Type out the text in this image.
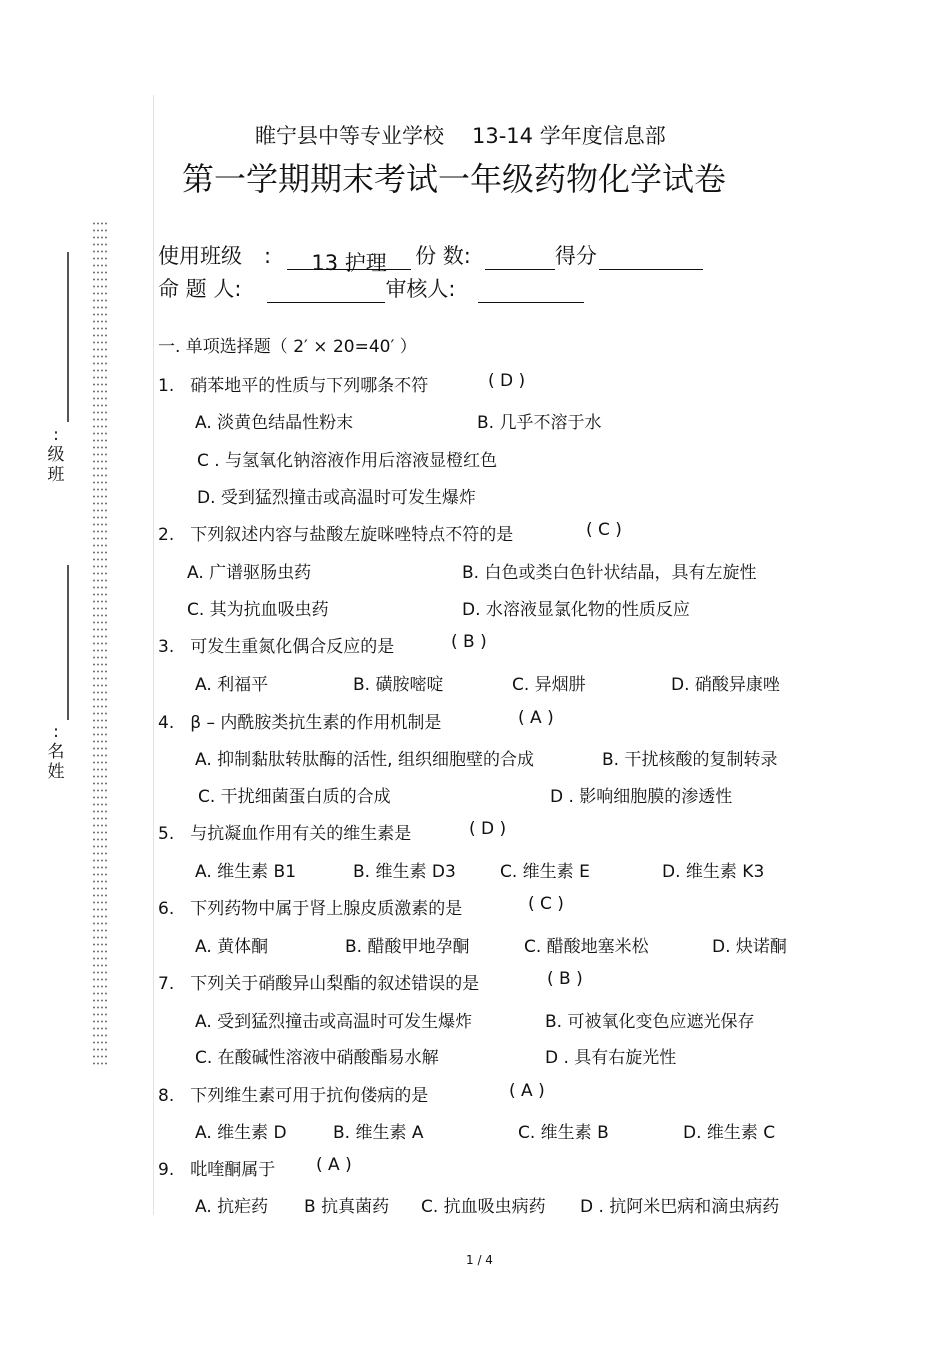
:
级
班
:
名
姓
睢宁县中等专业学校 13-14 学年度信息部
第一学期期末考试一年级药物化学试卷
使用班级 : 13 护理 份 数:	得分
命 题 人:	审核人:
一. 单项选择题（ 2′ × 20=40′ ）
1. 硝苯地平的性质与下列哪条不符	( D )
A. 淡黄色结晶性粉末	B. 几乎不溶于水
C . 与氢氧化钠溶液作用后溶液显橙红色
D. 受到猛烈撞击或高温时可发生爆炸
2. 下列叙述内容与盐酸左旋咪唑特点不符的是	( C )
A. 广谱驱肠虫药	B. 白色或类白色针状结晶，具有左旋性
C. 其为抗血吸虫药	D. 水溶液显氯化物的性质反应
3. 可发生重氮化偶合反应的是	( B )
A. 利福平	B. 磺胺嘧啶	C. 异烟肼	D. 硝酸异康唑
4. β – 内酰胺类抗生素的作用机制是	( A )
A. 抑制黏肽转肽酶的活性, 组织细胞壁的合成	B. 干扰核酸的复制转录
C. 干扰细菌蛋白质的合成	D . 影响细胞膜的渗透性
5. 与抗凝血作用有关的维生素是	( D )
A. 维生素 B1	B. 维生素 D3	C. 维生素 E	D. 维生素 K3
6. 下列药物中属于肾上腺皮质激素的是	( C )
A. 黄体酮	B. 醋酸甲地孕酮	C. 醋酸地塞米松	D. 炔诺酮
7. 下列关于硝酸异山梨酯的叙述错误的是	( B )
A. 受到猛烈撞击或高温时可发生爆炸	B. 可被氧化变色应遮光保存
C. 在酸碱性溶液中硝酸酯易水解	D . 具有右旋光性
8. 下列维生素可用于抗佝偻病的是	( A )
A. 维生素 D	B. 维生素 A	C. 维生素 B	D. 维生素 C
9. 吡喹酮属于 ( A )
A. 抗疟药 B 抗真菌药 C. 抗血吸虫病药 D . 抗阿米巴病和滴虫病药
1 / 4
